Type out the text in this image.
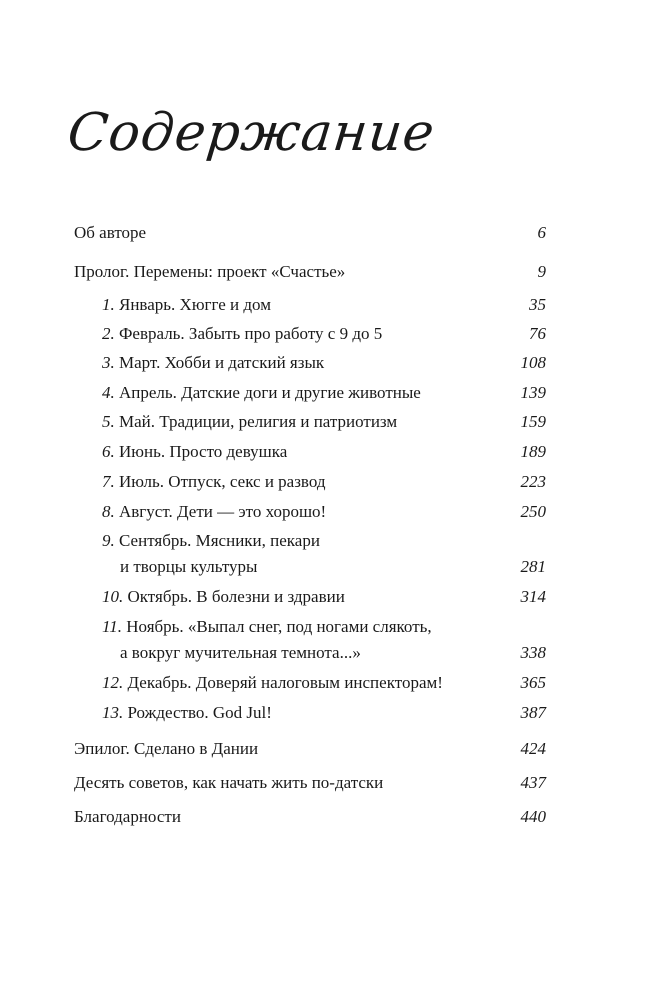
Содержание
Об авторе	6
Пролог. Перемены: проект «Счастье»	9
1. Январь. Хюгге и дом	35
2. Февраль. Забыть про работу с 9 до 5	76
3. Март. Хобби и датский язык	108
4. Апрель. Датские доги и другие животные	139
5. Май. Традиции, религия и патриотизм	159
6. Июнь. Просто девушка	189
7. Июль. Отпуск, секс и развод	223
8. Август. Дети — это хорошо!	250
9. Сентябрь. Мясники, пекари
и творцы культуры	281
10. Октябрь. В болезни и здравии	314
11. Ноябрь. «Выпал снег, под ногами слякоть,
а вокруг мучительная темнота...»	338
12. Декабрь. Доверяй налоговым инспекторам!	365
13. Рождество. God Jul!	387
Эпилог. Сделано в Дании	424
Десять советов, как начать жить по-датски	437
Благодарности	440
